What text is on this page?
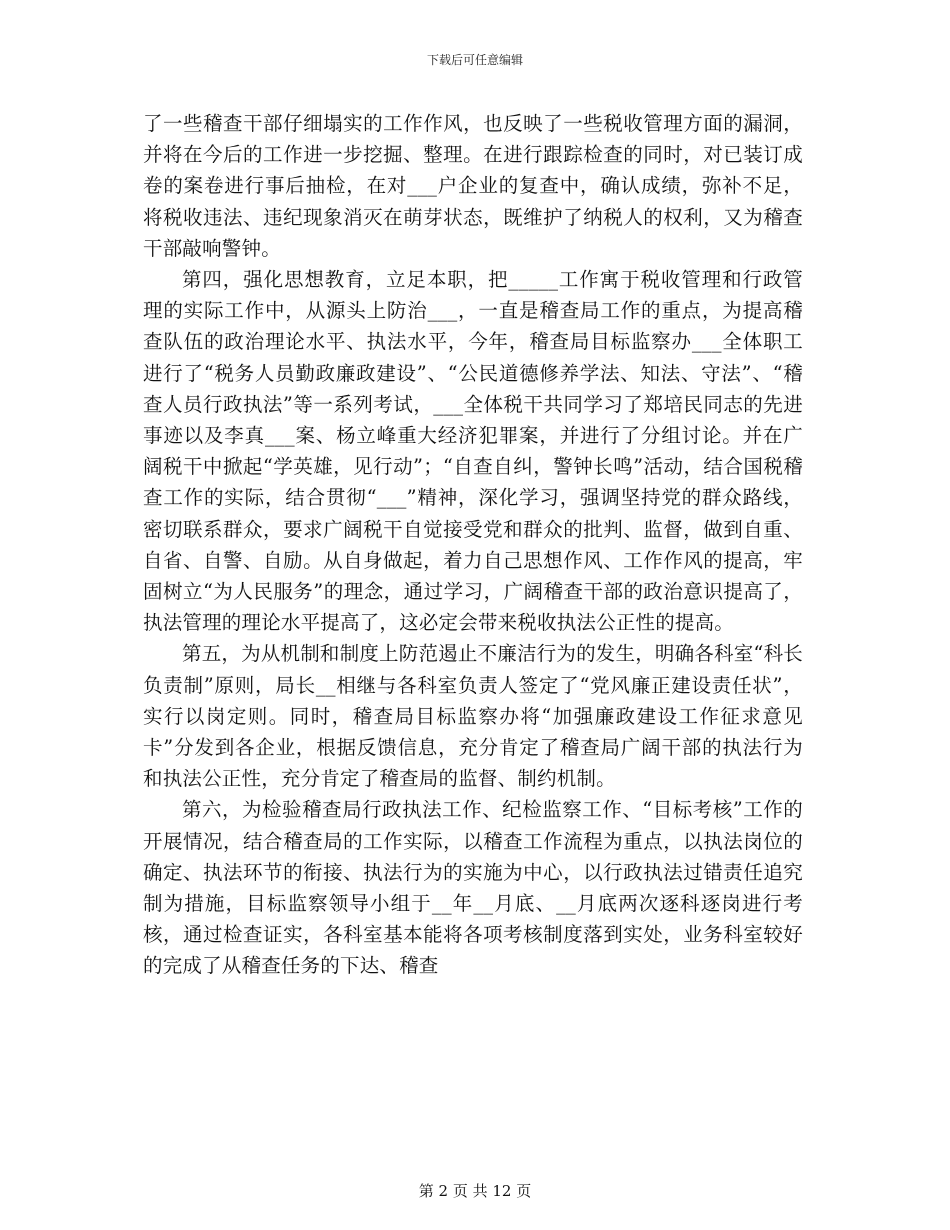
下载后可任意编辑

了一些稽查干部仔细塌实的工作作风，也反映了一些税收管理方面的漏洞，并将在今后的工作进一步挖掘、整理。在进行跟踪检查的同时，对已装订成卷的案卷进行事后抽检，在对___户企业的复查中，确认成绩，弥补不足，将税收违法、违纪现象消灭在萌芽状态，既维护了纳税人的权利，又为稽查干部敲响警钟。

第四，强化思想教育，立足本职，把_____工作寓于税收管理和行政管理的实际工作中，从源头上防治___，一直是稽查局工作的重点，为提高稽查队伍的政治理论水平、执法水平，今年，稽查局目标监察办___全体职工进行了“税务人员勤政廉政建设”、“公民道德修养学法、知法、守法”、“稽查人员行政执法”等一系列考试，___全体税干共同学习了郑培民同志的先进事迹以及李真___案、杨立峰重大经济犯罪案，并进行了分组讨论。并在广阔税干中掀起“学英雄，见行动”；“自查自纠，警钟长鸣”活动，结合国税稽查工作的实际，结合贯彻“___”精神，深化学习，强调坚持党的群众路线，密切联系群众，要求广阔税干自觉接受党和群众的批判、监督，做到自重、自省、自警、自励。从自身做起，着力自己思想作风、工作作风的提高，牢固树立“为人民服务”的理念，通过学习，广阔稽查干部的政治意识提高了，执法管理的理论水平提高了，这必定会带来税收执法公正性的提高。

第五，为从机制和制度上防范遏止不廉洁行为的发生，明确各科室“科长负责制”原则，局长__相继与各科室负责人签定了“党风廉正建设责任状”，实行以岗定则。同时，稽查局目标监察办将“加强廉政建设工作征求意见卡”分发到各企业，根据反馈信息，充分肯定了稽查局广阔干部的执法行为和执法公正性，充分肯定了稽查局的监督、制约机制。

第六，为检验稽查局行政执法工作、纪检监察工作、“目标考核”工作的开展情况，结合稽查局的工作实际，以稽查工作流程为重点，以执法岗位的确定、执法环节的衔接、执法行为的实施为中心，以行政执法过错责任追究制为措施，目标监察领导小组于__年__月底、__月底两次逐科逐岗进行考核，通过检查证实，各科室基本能将各项考核制度落到实处，业务科室较好的完成了从稽查任务的下达、稽查

第 2 页 共 12 页
